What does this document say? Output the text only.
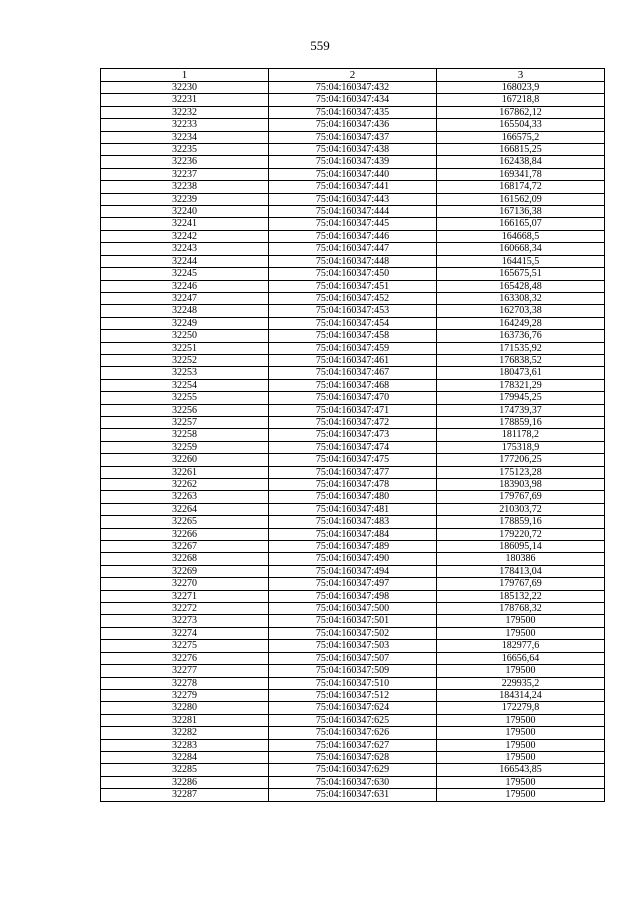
559
1	2	3
32230	75:04:160347:432	168023,9
32231	75:04:160347:434	167218,8
32232	75:04:160347:435	167862,12
32233	75:04:160347:436	165504,33
32234	75:04:160347:437	166575,2
32235	75:04:160347:438	166815,25
32236	75:04:160347:439	162438,84
32237	75:04:160347:440	169341,78
32238	75:04:160347:441	168174,72
32239	75:04:160347:443	161562,09
32240	75:04:160347:444	167136,38
32241	75:04:160347:445	166165,07
32242	75:04:160347:446	164668,5
32243	75:04:160347:447	160668,34
32244	75:04:160347:448	164415,5
32245	75:04:160347:450	165675,51
32246	75:04:160347:451	165428,48
32247	75:04:160347:452	163308,32
32248	75:04:160347:453	162703,38
32249	75:04:160347:454	164249,28
32250	75:04:160347:458	163736,76
32251	75:04:160347:459	171535,92
32252	75:04:160347:461	176838,52
32253	75:04:160347:467	180473,61
32254	75:04:160347:468	178321,29
32255	75:04:160347:470	179945,25
32256	75:04:160347:471	174739,37
32257	75:04:160347:472	178859,16
32258	75:04:160347:473	181178,2
32259	75:04:160347:474	175318,9
32260	75:04:160347:475	177206,25
32261	75:04:160347:477	175123,28
32262	75:04:160347:478	183903,98
32263	75:04:160347:480	179767,69
32264	75:04:160347:481	210303,72
32265	75:04:160347:483	178859,16
32266	75:04:160347:484	179220,72
32267	75:04:160347:489	186095,14
32268	75:04:160347:490	180386
32269	75:04:160347:494	178413,04
32270	75:04:160347:497	179767,69
32271	75:04:160347:498	185132,22
32272	75:04:160347:500	178768,32
32273	75:04:160347:501	179500
32274	75:04:160347:502	179500
32275	75:04:160347:503	182977,6
32276	75:04:160347:507	16656,64
32277	75:04:160347:509	179500
32278	75:04:160347:510	229935,2
32279	75:04:160347:512	184314,24
32280	75:04:160347:624	172279,8
32281	75:04:160347:625	179500
32282	75:04:160347:626	179500
32283	75:04:160347:627	179500
32284	75:04:160347:628	179500
32285	75:04:160347:629	166543,85
32286	75:04:160347:630	179500
32287	75:04:160347:631	179500
